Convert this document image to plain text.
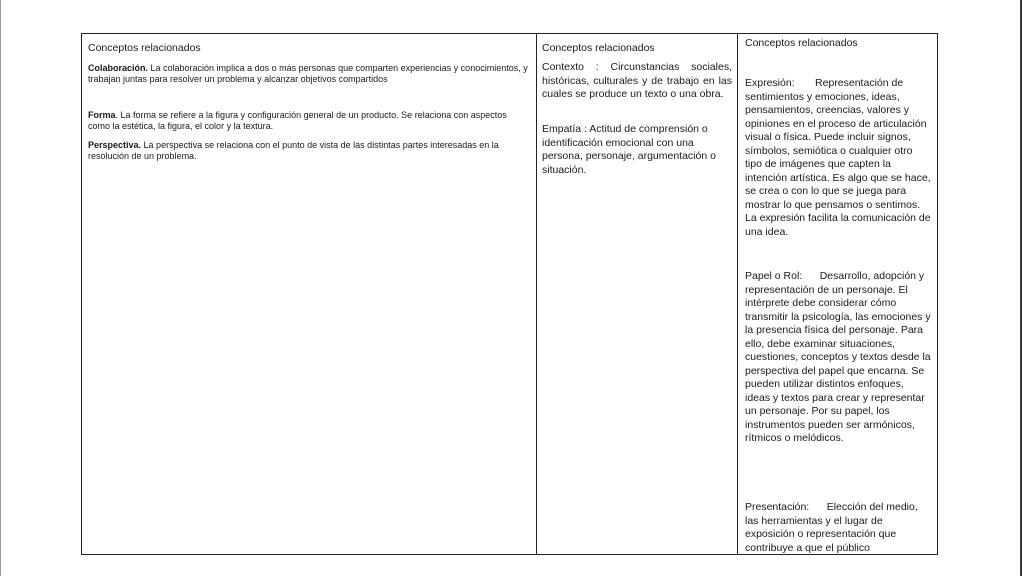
Conceptos relacionados
Colaboración. La colaboración implica a dos o más personas que comparten experiencias y conocimientos, y trabajan juntas para resolver un problema y alcanzar objetivos compartidos
Forma. La forma se refiere a la figura y configuración general de un producto. Se relaciona con aspectos como la estética, la figura, el color y la textura.
Perspectiva. La perspectiva se relaciona con el punto de vista de las distintas partes interesadas en la resolución de un problema.
Conceptos relacionados
Contexto : Circunstancias sociales, históricas, culturales y de trabajo en las cuales se produce un texto o una obra.
Empatía : Actitud de comprensión o identificación emocional con una persona, personaje, argumentación o situación.
Conceptos relacionados
Expresión:       Representación de sentimientos y emociones, ideas, pensamientos, creencias, valores y opiniones en el proceso de articulación visual o física. Puede incluir signos, símbolos, semiótica o cualquier otro tipo de imágenes que capten la intención artística. Es algo que se hace, se crea o con lo que se juega para mostrar lo que pensamos o sentimos. La expresión facilita la comunicación de una idea.
Papel o Rol:      Desarrollo, adopción y representación de un personaje. El intérprete debe considerar cómo transmitir la psicología, las emociones y la presencia física del personaje. Para ello, debe examinar situaciones, cuestiones, conceptos y textos desde la perspectiva del papel que encarna. Se pueden utilizar distintos enfoques, ideas y textos para crear y representar un personaje. Por su papel, los instrumentos pueden ser armónicos, rítmicos o melódicos.
Presentación:      Elección del medio, las herramientas y el lugar de exposición o representación que contribuye a que el público
